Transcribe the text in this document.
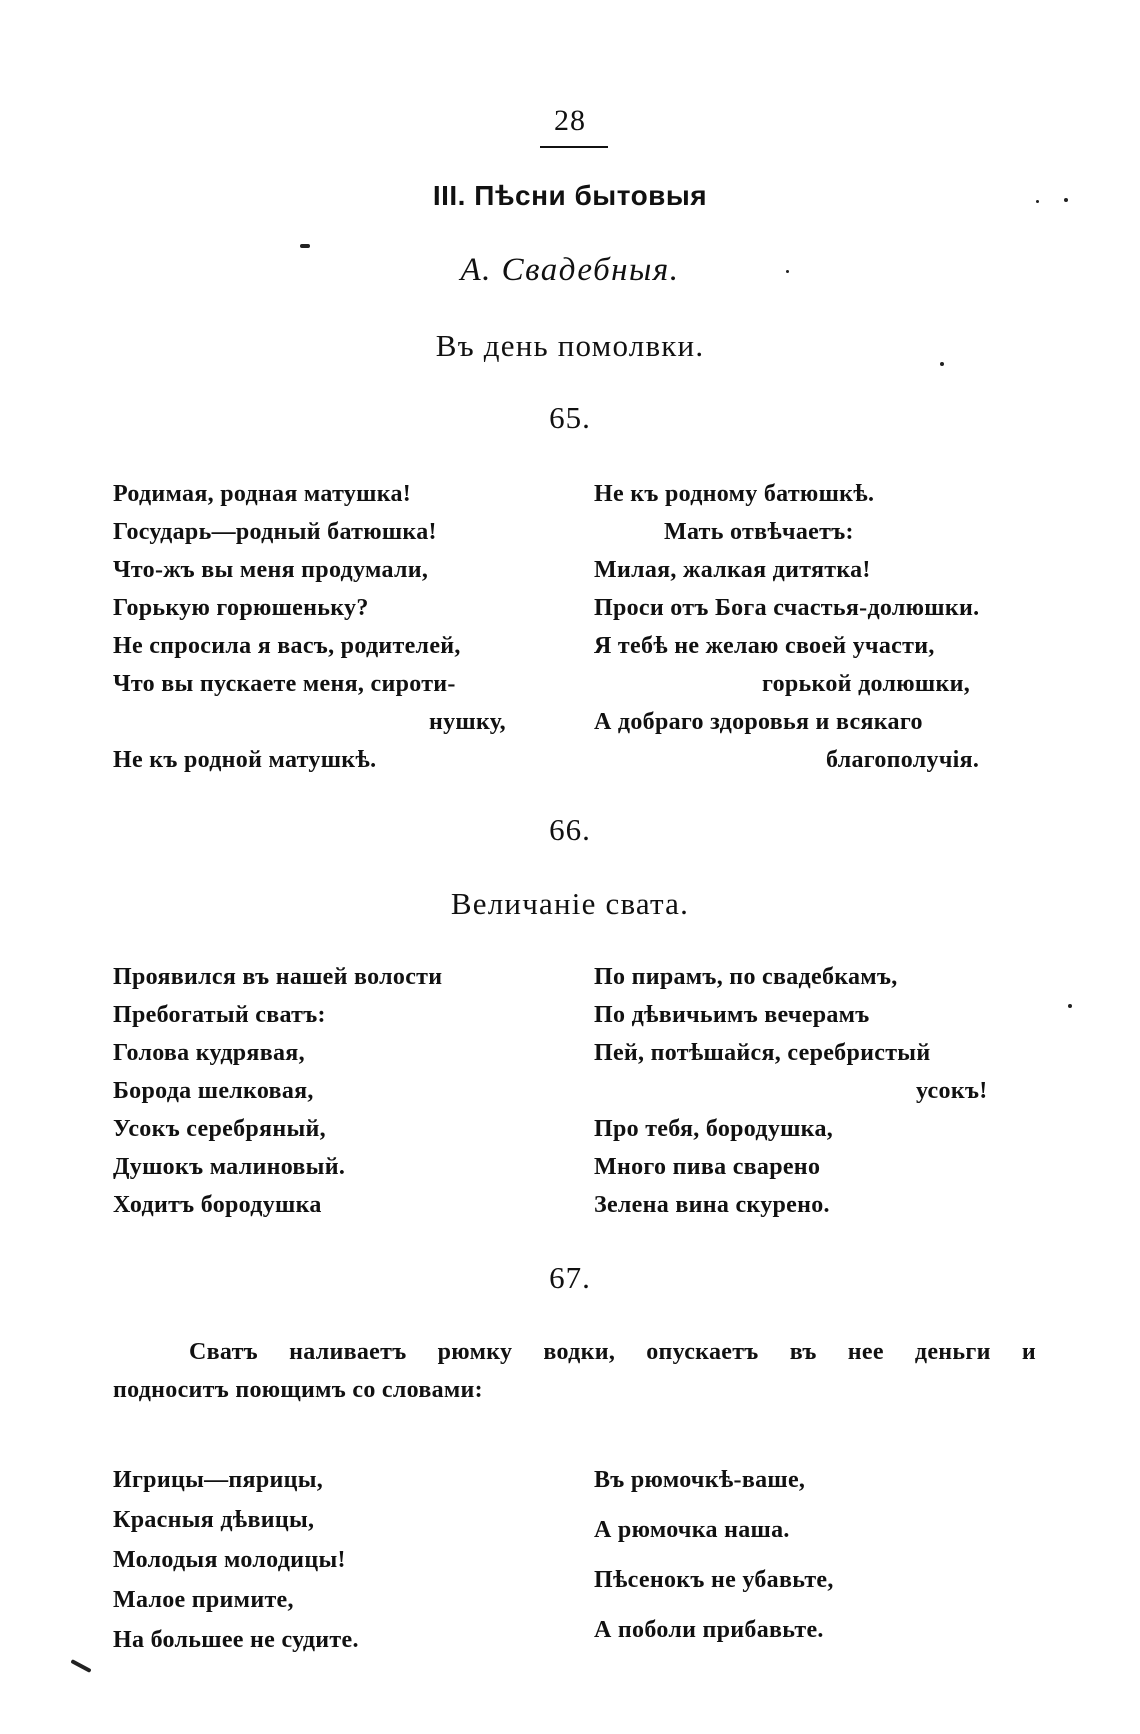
28
III. Пѣсни бытовыя
А. Свадебныя.
Въ день помолвки.
65.
Родимая, родная матушка!
Государь—родный батюшка!
Что-жъ вы меня продумали,
Горькую горюшеньку?
Не спросила я васъ, родителей,
Что вы пускаете меня, сироти-
нушку,
Не къ родной матушкѣ.
Не къ родному батюшкѣ.
Мать отвѣчаетъ:
Милая, жалкая дитятка!
Проси отъ Бога счастья-долюшки.
Я тебѣ не желаю своей участи,
горькой долюшки,
А добраго здоровья и всякаго
благополучія.
66.
Величаніе свата.
Проявился въ нашей волости
Пребогатый сватъ:
Голова кудрявая,
Борода шелковая,
Усокъ серебряный,
Душокъ малиновый.
Ходитъ бородушка
По пирамъ, по свадебкамъ,
По дѣвичьимъ вечерамъ
Пей, потѣшайся, серебристый
усокъ!
Про тебя, бородушка,
Много пива сварено
Зелена вина скурено.
67.
Сватъ наливаетъ рюмку водки, опускаетъ въ нее деньги и
подноситъ поющимъ со словами:
Игрицы—пярицы,
Красныя дѣвицы,
Молодыя молодицы!
Малое примите,
На большее не судите.
Въ рюмочкѣ-ваше,
А рюмочка наша.
Пѣсенокъ не убавьте,
А поболи прибавьте.
